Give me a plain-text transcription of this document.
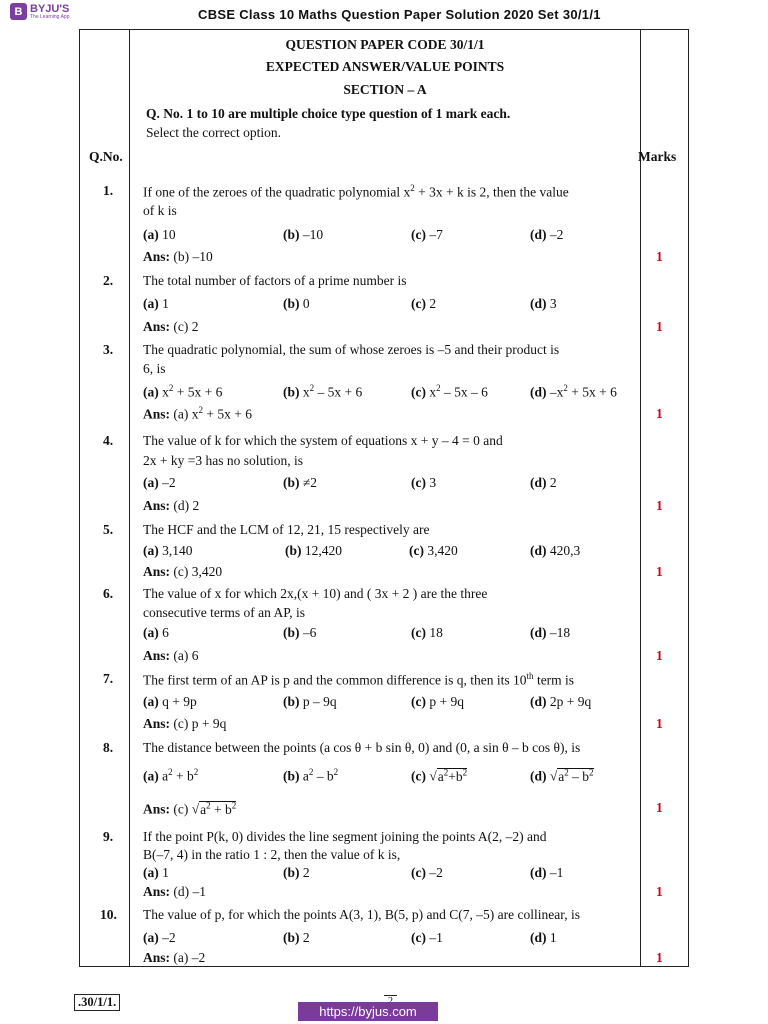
B BYJU'S
The Learning App	CBSE Class 10 Maths Question Paper Solution 2020 Set 30/1/1
QUESTION PAPER CODE 30/1/1
EXPECTED ANSWER/VALUE POINTS
SECTION – A
Q. No. 1 to 10 are multiple choice type question of 1 mark each.
Select the correct option.
Q.No.	Marks
1. If one of the zeroes of the quadratic polynomial $x^2 + 3x + k$ is 2, then the value
of k is
(a) 10	(b) –10	(c) –7	(d) –2
Ans: (b) –10	1
2. The total number of factors of a prime number is
(a) 1	(b) 0	(c) 2	(d) 3
Ans: (c) 2	1
3. The quadratic polynomial, the sum of whose zeroes is –5 and their product is
6, is
(a) $x^2 + 5x + 6$	(b) $x^2 - 5x + 6$	(c) $x^2 - 5x - 6$	(d) $-x^2 + 5x + 6$
Ans: (a) $x^2 + 5x + 6$	1
4. The value of k for which the system of equations x + y – 4 = 0 and
2x + ky =3 has no solution, is
(a) –2	(b) ≠2	(c) 3	(d) 2
Ans: (d) 2	1
5. The HCF and the LCM of 12, 21, 15 respectively are
(a) 3,140	(b) 12,420	(c) 3,420	(d) 420,3
Ans: (c) 3,420	1
6. The value of x for which 2x,(x + 10) and ( 3x + 2 ) are the three
consecutive terms of an AP, is
(a) 6	(b) –6	(c) 18	(d) –18
Ans: (a) 6	1
7. The first term of an AP is p and the common difference is q, then its 10th term is
(a) q + 9p	(b) p – 9q	(c) p + 9q	(d) 2p + 9q
Ans: (c) p + 9q	1
8. The distance between the points (a cos θ + b sin θ, 0) and (0, a sin θ – b cos θ), is
(a) $a^2 + b^2$	(b) $a^2 - b^2$	(c) $√a^2+b^2$	(d) $√a^2 - b^2$
Ans: (c) $√a^2 + b^2$	1
9. If the point P(k, 0) divides the line segment joining the points A(2, –2) and
B(–7, 4) in the ratio 1 : 2, then the value of k is,
(a) 1	(b) 2	(c) –2	(d) –1
Ans: (d) –1	1
10. The value of p, for which the points A(3, 1), B(5, p) and C(7, –5) are collinear, is
(a) –2	(b) 2	(c) –1	(d) 1
Ans: (a) –2	1
.30/1/1.
https://byjus.com
